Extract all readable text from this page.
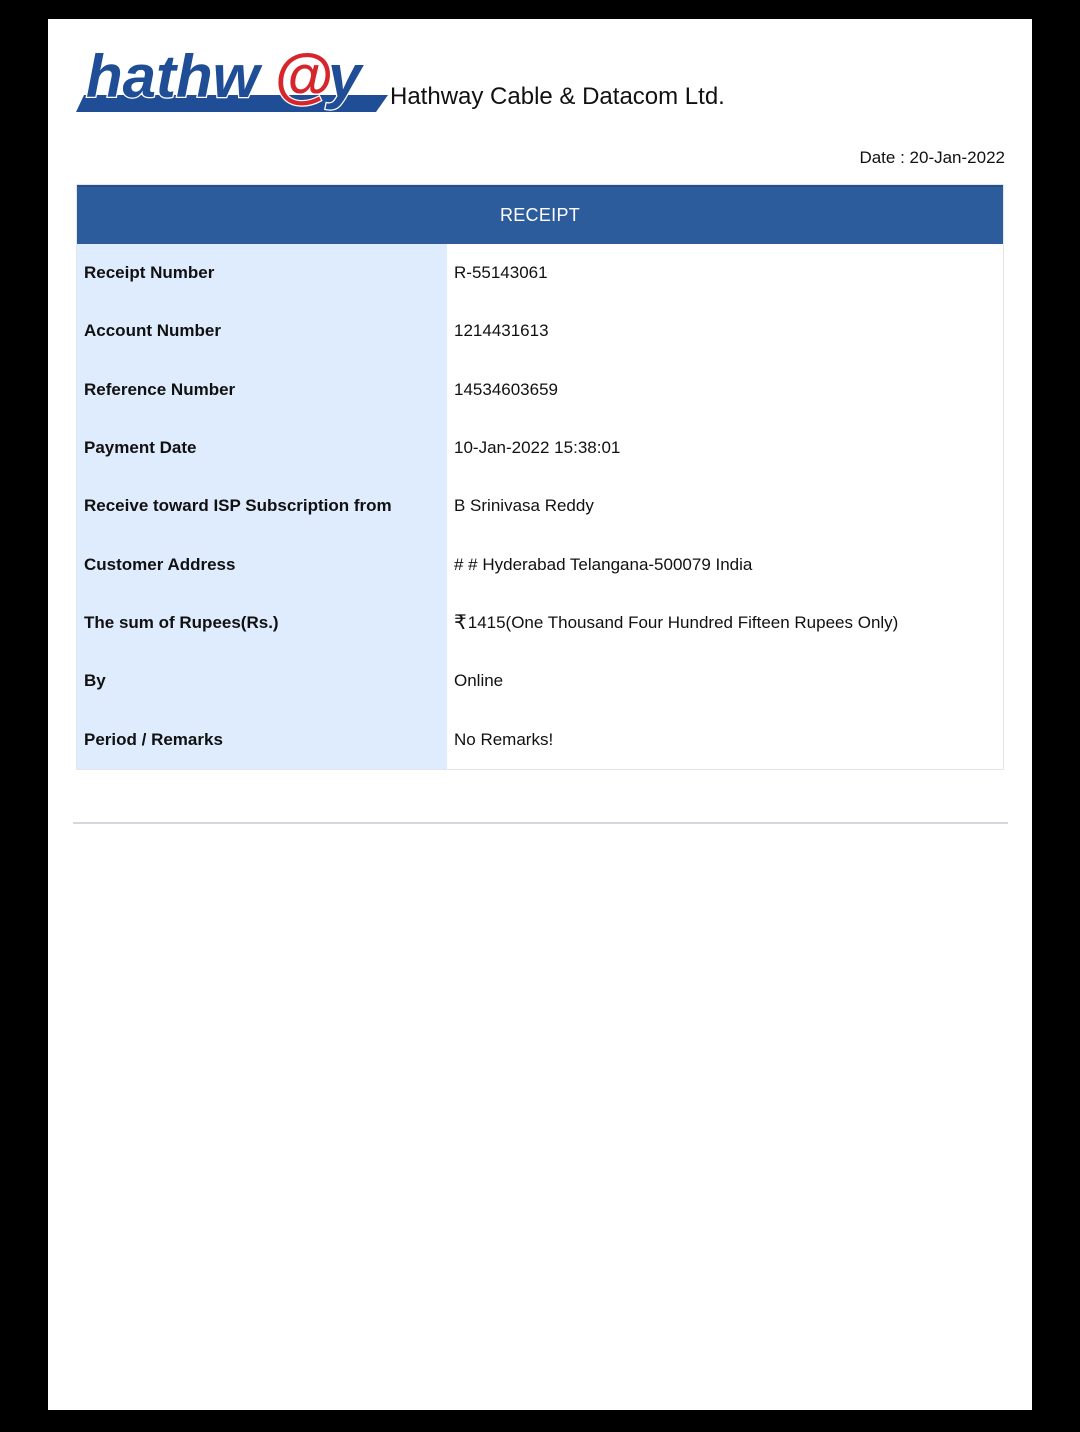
hathw @
y Hathway Cable & Datacom Ltd.
Date : 20-Jan-2022
RECEIPT
Receipt Number	R-55143061
Account Number	1214431613
Reference Number	14534603659
Payment Date	10-Jan-2022 15:38:01
Receive toward ISP Subscription from	B Srinivasa Reddy
Customer Address	# # Hyderabad Telangana-500079 India
The sum of Rupees(Rs.)	₹ 1415(One Thousand Four Hundred Fifteen Rupees Only)
By	Online
Period / Remarks	No Remarks!
